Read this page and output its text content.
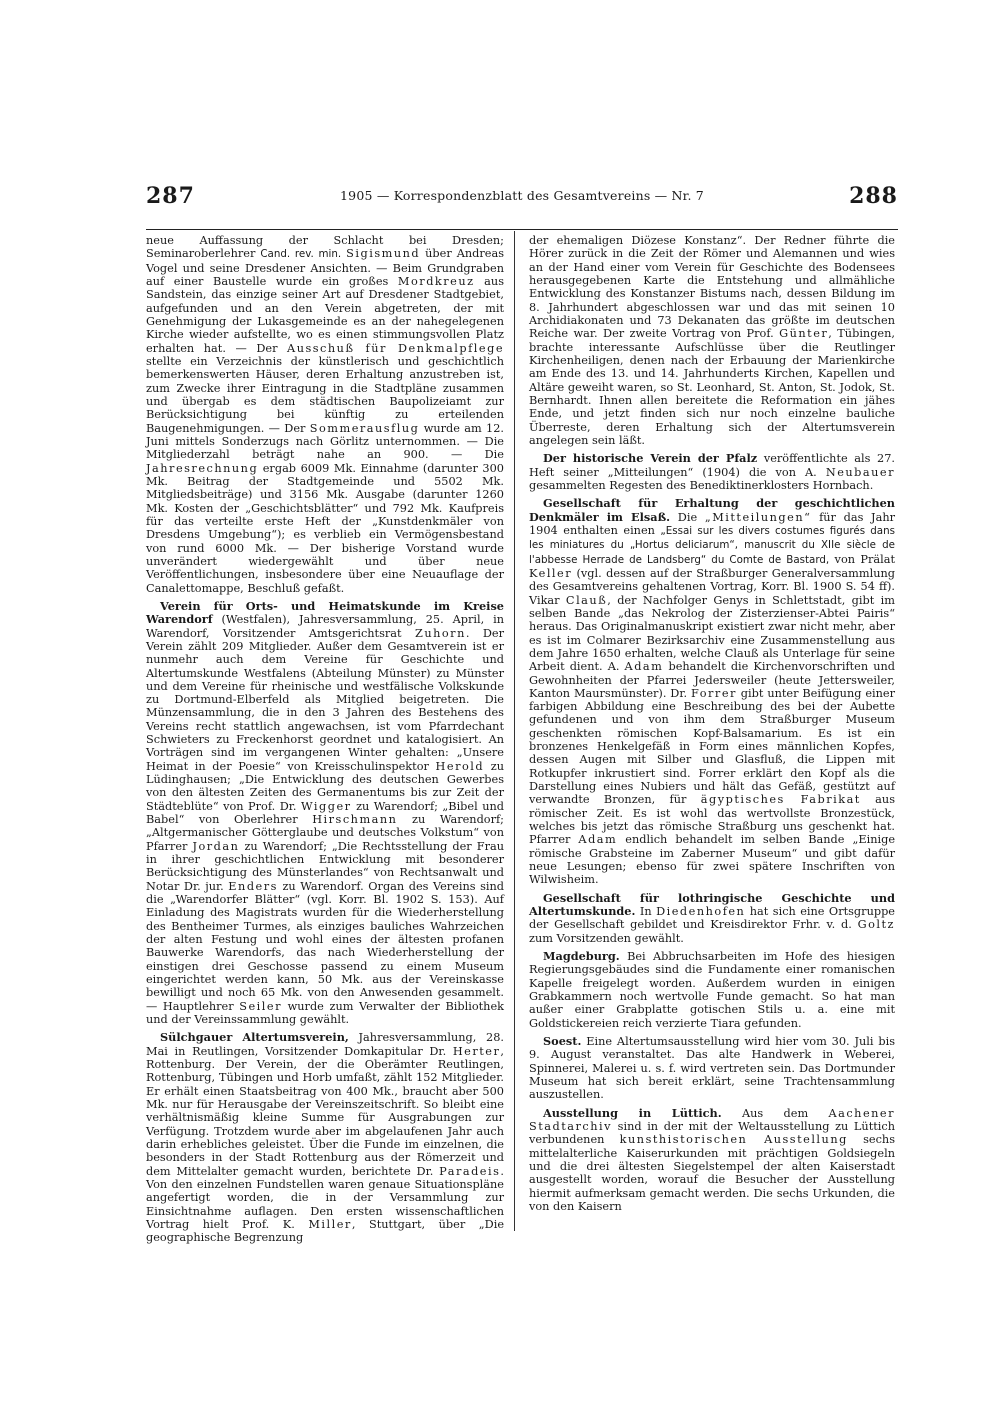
287	1905 — Korrespondenzblatt des Gesamtvereins — Nr. 7	288

neue Auffassung der Schlacht bei Dresden; Seminaroberlehrer Cand. rev. min. Sigismund über Andreas Vogel und seine Dresdener Ansichten. — Beim Grundgraben auf einer Baustelle wurde ein großes Mordkreuz aus Sandstein, das einzige seiner Art auf Dresdener Stadtgebiet, aufgefunden und an den Verein abgetreten, der mit Genehmigung der Lukasgemeinde es an der nahegelegenen Kirche wieder aufstellte, wo es einen stimmungsvollen Platz erhalten hat. — Der Ausschuß für Denkmalpflege stellte ein Verzeichnis der künstlerisch und geschichtlich bemerkenswerten Häuser, deren Erhaltung anzustreben ist, zum Zwecke ihrer Eintragung in die Stadtpläne zusammen und übergab es dem städtischen Baupolizeiamt zur Berücksichtigung bei künftig zu erteilenden Baugenehmigungen. — Der Sommerausflug wurde am 12. Juni mittels Sonderzugs nach Görlitz unternommen. — Die Mitgliederzahl beträgt nahe an 900. — Die Jahresrechnung ergab 6009 Mk. Einnahme (darunter 300 Mk. Beitrag der Stadtgemeinde und 5502 Mk. Mitgliedsbeiträge) und 3156 Mk. Ausgabe (darunter 1260 Mk. Kosten der „Geschichtsblätter“ und 792 Mk. Kaufpreis für das verteilte erste Heft der „Kunstdenkmäler von Dresdens Umgebung“); es verblieb ein Vermögensbestand von rund 6000 Mk. — Der bisherige Vorstand wurde unverändert wiedergewählt und über neue Veröffentlichungen, insbesondere über eine Neuauflage der Canalettomappe, Beschluß gefaßt.

Verein für Orts- und Heimatskunde im Kreise Warendorf (Westfalen), Jahresversammlung, 25. April, in Warendorf, Vorsitzender Amtsgerichtsrat Zuhorn. Der Verein zählt 209 Mitglieder. Außer dem Gesamtverein ist er nunmehr auch dem Vereine für Geschichte und Altertumskunde Westfalens (Abteilung Münster) zu Münster und dem Vereine für rheinische und westfälische Volkskunde zu Dortmund-Elberfeld als Mitglied beigetreten. Die Münzensammlung, die in den 3 Jahren des Bestehens des Vereins recht stattlich angewachsen, ist vom Pfarrdechant Schwieters zu Freckenhorst geordnet und katalogisiert. An Vorträgen sind im vergangenen Winter gehalten: „Unsere Heimat in der Poesie“ von Kreisschulinspektor Herold zu Lüdinghausen; „Die Entwicklung des deutschen Gewerbes von den ältesten Zeiten des Germanentums bis zur Zeit der Städteblüte“ von Prof. Dr. Wigger zu Warendorf; „Bibel und Babel“ von Oberlehrer Hirschmann zu Warendorf; „Altgermanischer Götterglaube und deutsches Volkstum“ von Pfarrer Jordan zu Warendorf; „Die Rechtsstellung der Frau in ihrer geschichtlichen Entwicklung mit besonderer Berücksichtigung des Münsterlandes“ von Rechtsanwalt und Notar Dr. jur. Enders zu Warendorf. Organ des Vereins sind die „Warendorfer Blätter“ (vgl. Korr. Bl. 1902 S. 153). Auf Einladung des Magistrats wurden für die Wiederherstellung des Bentheimer Turmes, als einziges bauliches Wahrzeichen der alten Festung und wohl eines der ältesten profanen Bauwerke Warendorfs, das nach Wiederherstellung der einstigen drei Geschosse passend zu einem Museum eingerichtet werden kann, 50 Mk. aus der Vereinskasse bewilligt und noch 65 Mk. von den Anwesenden gesammelt. — Hauptlehrer Seiler wurde zum Verwalter der Bibliothek und der Vereinssammlung gewählt.

Sülchgauer Altertumsverein, Jahresversammlung, 28. Mai in Reutlingen, Vorsitzender Domkapitular Dr. Herter, Rottenburg. Der Verein, der die Oberämter Reutlingen, Rottenburg, Tübingen und Horb umfaßt, zählt 152 Mitglieder. Er erhält einen Staatsbeitrag von 400 Mk., braucht aber 500 Mk. nur für Herausgabe der Vereinszeitschrift. So bleibt eine verhältnismäßig kleine Summe für Ausgrabungen zur Verfügung. Trotzdem wurde aber im abgelaufenen Jahr auch darin erhebliches geleistet. Über die Funde im einzelnen, die besonders in der Stadt Rottenburg aus der Römerzeit und dem Mittelalter gemacht wurden, berichtete Dr. Paradeis. Von den einzelnen Fundstellen waren genaue Situationspläne angefertigt worden, die in der Versammlung zur Einsichtnahme auflagen. Den ersten wissenschaftlichen Vortrag hielt Prof. K. Miller, Stuttgart, über „Die geographische Begrenzung

der ehemaligen Diözese Konstanz“. Der Redner führte die Hörer zurück in die Zeit der Römer und Alemannen und wies an der Hand einer vom Verein für Geschichte des Bodensees herausgegebenen Karte die Entstehung und allmähliche Entwicklung des Konstanzer Bistums nach, dessen Bildung im 8. Jahrhundert abgeschlossen war und das mit seinen 10 Archidiakonaten und 73 Dekanaten das größte im deutschen Reiche war. Der zweite Vortrag von Prof. Günter, Tübingen, brachte interessante Aufschlüsse über die Reutlinger Kirchenheiligen, denen nach der Erbauung der Marienkirche am Ende des 13. und 14. Jahrhunderts Kirchen, Kapellen und Altäre geweiht waren, so St. Leonhard, St. Anton, St. Jodok, St. Bernhardt. Ihnen allen bereitete die Reformation ein jähes Ende, und jetzt finden sich nur noch einzelne bauliche Überreste, deren Erhaltung sich der Altertumsverein angelegen sein läßt.

Der historische Verein der Pfalz veröffentlichte als 27. Heft seiner „Mitteilungen“ (1904) die von A. Neubauer gesammelten Regesten des Benediktinerklosters Hornbach.

Gesellschaft für Erhaltung der geschichtlichen Denkmäler im Elsaß. Die „Mitteilungen“ für das Jahr 1904 enthalten einen „Essai sur les divers costumes figurés dans les miniatures du „Hortus deliciarum“, manuscrit du XIIe siècle de l'abbesse Herrade de Landsberg“ du Comte de Bastard, von Prälat Keller (vgl. dessen auf der Straßburger Generalversammlung des Gesamtvereins gehaltenen Vortrag, Korr. Bl. 1900 S. 54 ff). Vikar Clauß, der Nachfolger Genys in Schlettstadt, gibt im selben Bande „das Nekrolog der Zisterzienser-Abtei Pairis“ heraus. Das Originalmanuskript existiert zwar nicht mehr, aber es ist im Colmarer Bezirksarchiv eine Zusammenstellung aus dem Jahre 1650 erhalten, welche Clauß als Unterlage für seine Arbeit dient. A. Adam behandelt die Kirchenvorschriften und Gewohnheiten der Pfarrei Jedersweiler (heute Jettersweiler, Kanton Maursmünster). Dr. Forrer gibt unter Beifügung einer farbigen Abbildung eine Beschreibung des bei der Aubette gefundenen und von ihm dem Straßburger Museum geschenkten römischen Kopf-Balsamarium. Es ist ein bronzenes Henkelgefäß in Form eines männlichen Kopfes, dessen Augen mit Silber und Glasfluß, die Lippen mit Rotkupfer inkrustiert sind. Forrer erklärt den Kopf als die Darstellung eines Nubiers und hält das Gefäß, gestützt auf verwandte Bronzen, für ägyptisches Fabrikat aus römischer Zeit. Es ist wohl das wertvollste Bronzestück, welches bis jetzt das römische Straßburg uns geschenkt hat. Pfarrer Adam endlich behandelt im selben Bande „Einige römische Grabsteine im Zaberner Museum“ und gibt dafür neue Lesungen; ebenso für zwei spätere Inschriften von Wilwisheim.

Gesellschaft für lothringische Geschichte und Altertumskunde. In Diedenhofen hat sich eine Ortsgruppe der Gesellschaft gebildet und Kreisdirektor Frhr. v. d. Goltz zum Vorsitzenden gewählt.

Magdeburg. Bei Abbruchsarbeiten im Hofe des hiesigen Regierungsgebäudes sind die Fundamente einer romanischen Kapelle freigelegt worden. Außerdem wurden in einigen Grabkammern noch wertvolle Funde gemacht. So hat man außer einer Grabplatte gotischen Stils u. a. eine mit Goldstickereien reich verzierte Tiara gefunden.

Soest. Eine Altertumsausstellung wird hier vom 30. Juli bis 9. August veranstaltet. Das alte Handwerk in Weberei, Spinnerei, Malerei u. s. f. wird vertreten sein. Das Dortmunder Museum hat sich bereit erklärt, seine Trachtensammlung auszustellen.

Ausstellung in Lüttich. Aus dem Aachener Stadtarchiv sind in der mit der Weltausstellung zu Lüttich verbundenen kunsthistorischen Ausstellung sechs mittelalterliche Kaiserurkunden mit prächtigen Goldsiegeln und die drei ältesten Siegelstempel der alten Kaiserstadt ausgestellt worden, worauf die Besucher der Ausstellung hiermit aufmerksam gemacht werden. Die sechs Urkunden, die von den Kaisern
